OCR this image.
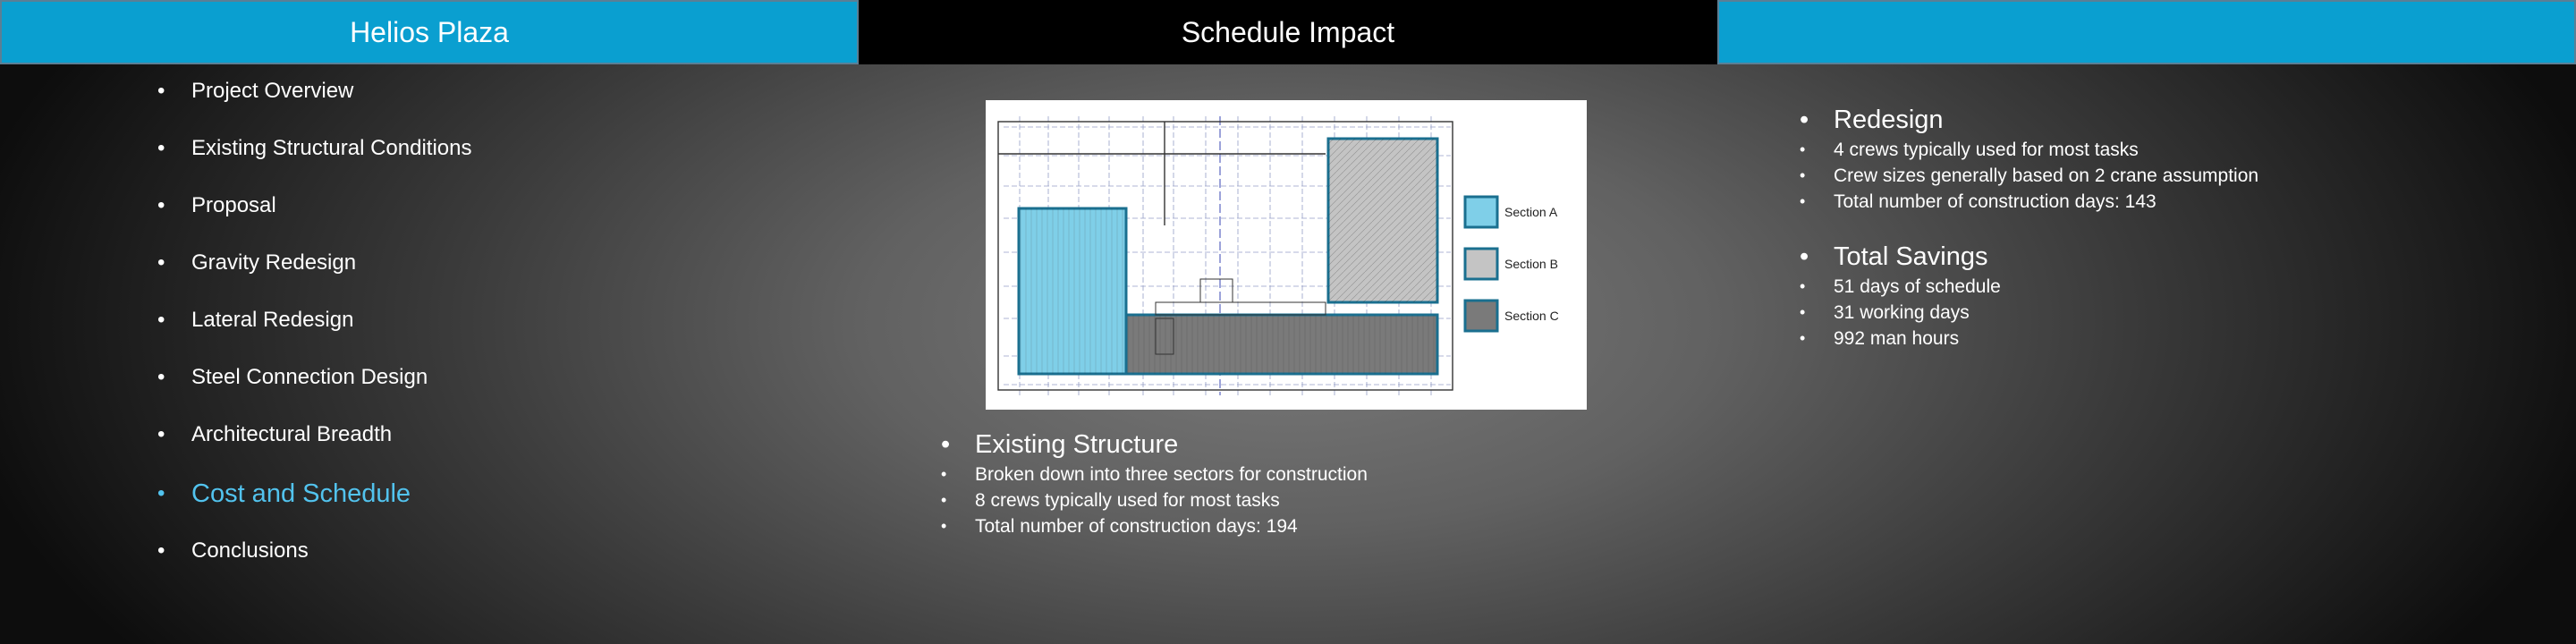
Helios Plaza	Schedule Impact
• Project Overview
• Existing Structural Conditions
• Proposal
• Gravity Redesign
• Lateral Redesign
• Steel Connection Design
• Architectural Breadth
• Cost and Schedule
• Conclusions
Section A
Section B
Section C
• Existing Structure
• Broken down into three sectors for construction
• 8 crews typically used for most tasks
• Total number of construction days: 194
• Redesign
• 4 crews typically used for most tasks
• Crew sizes generally based on 2 crane assumption
• Total number of construction days: 143
• Total Savings
• 51 days of schedule
• 31 working days
• 992 man hours
